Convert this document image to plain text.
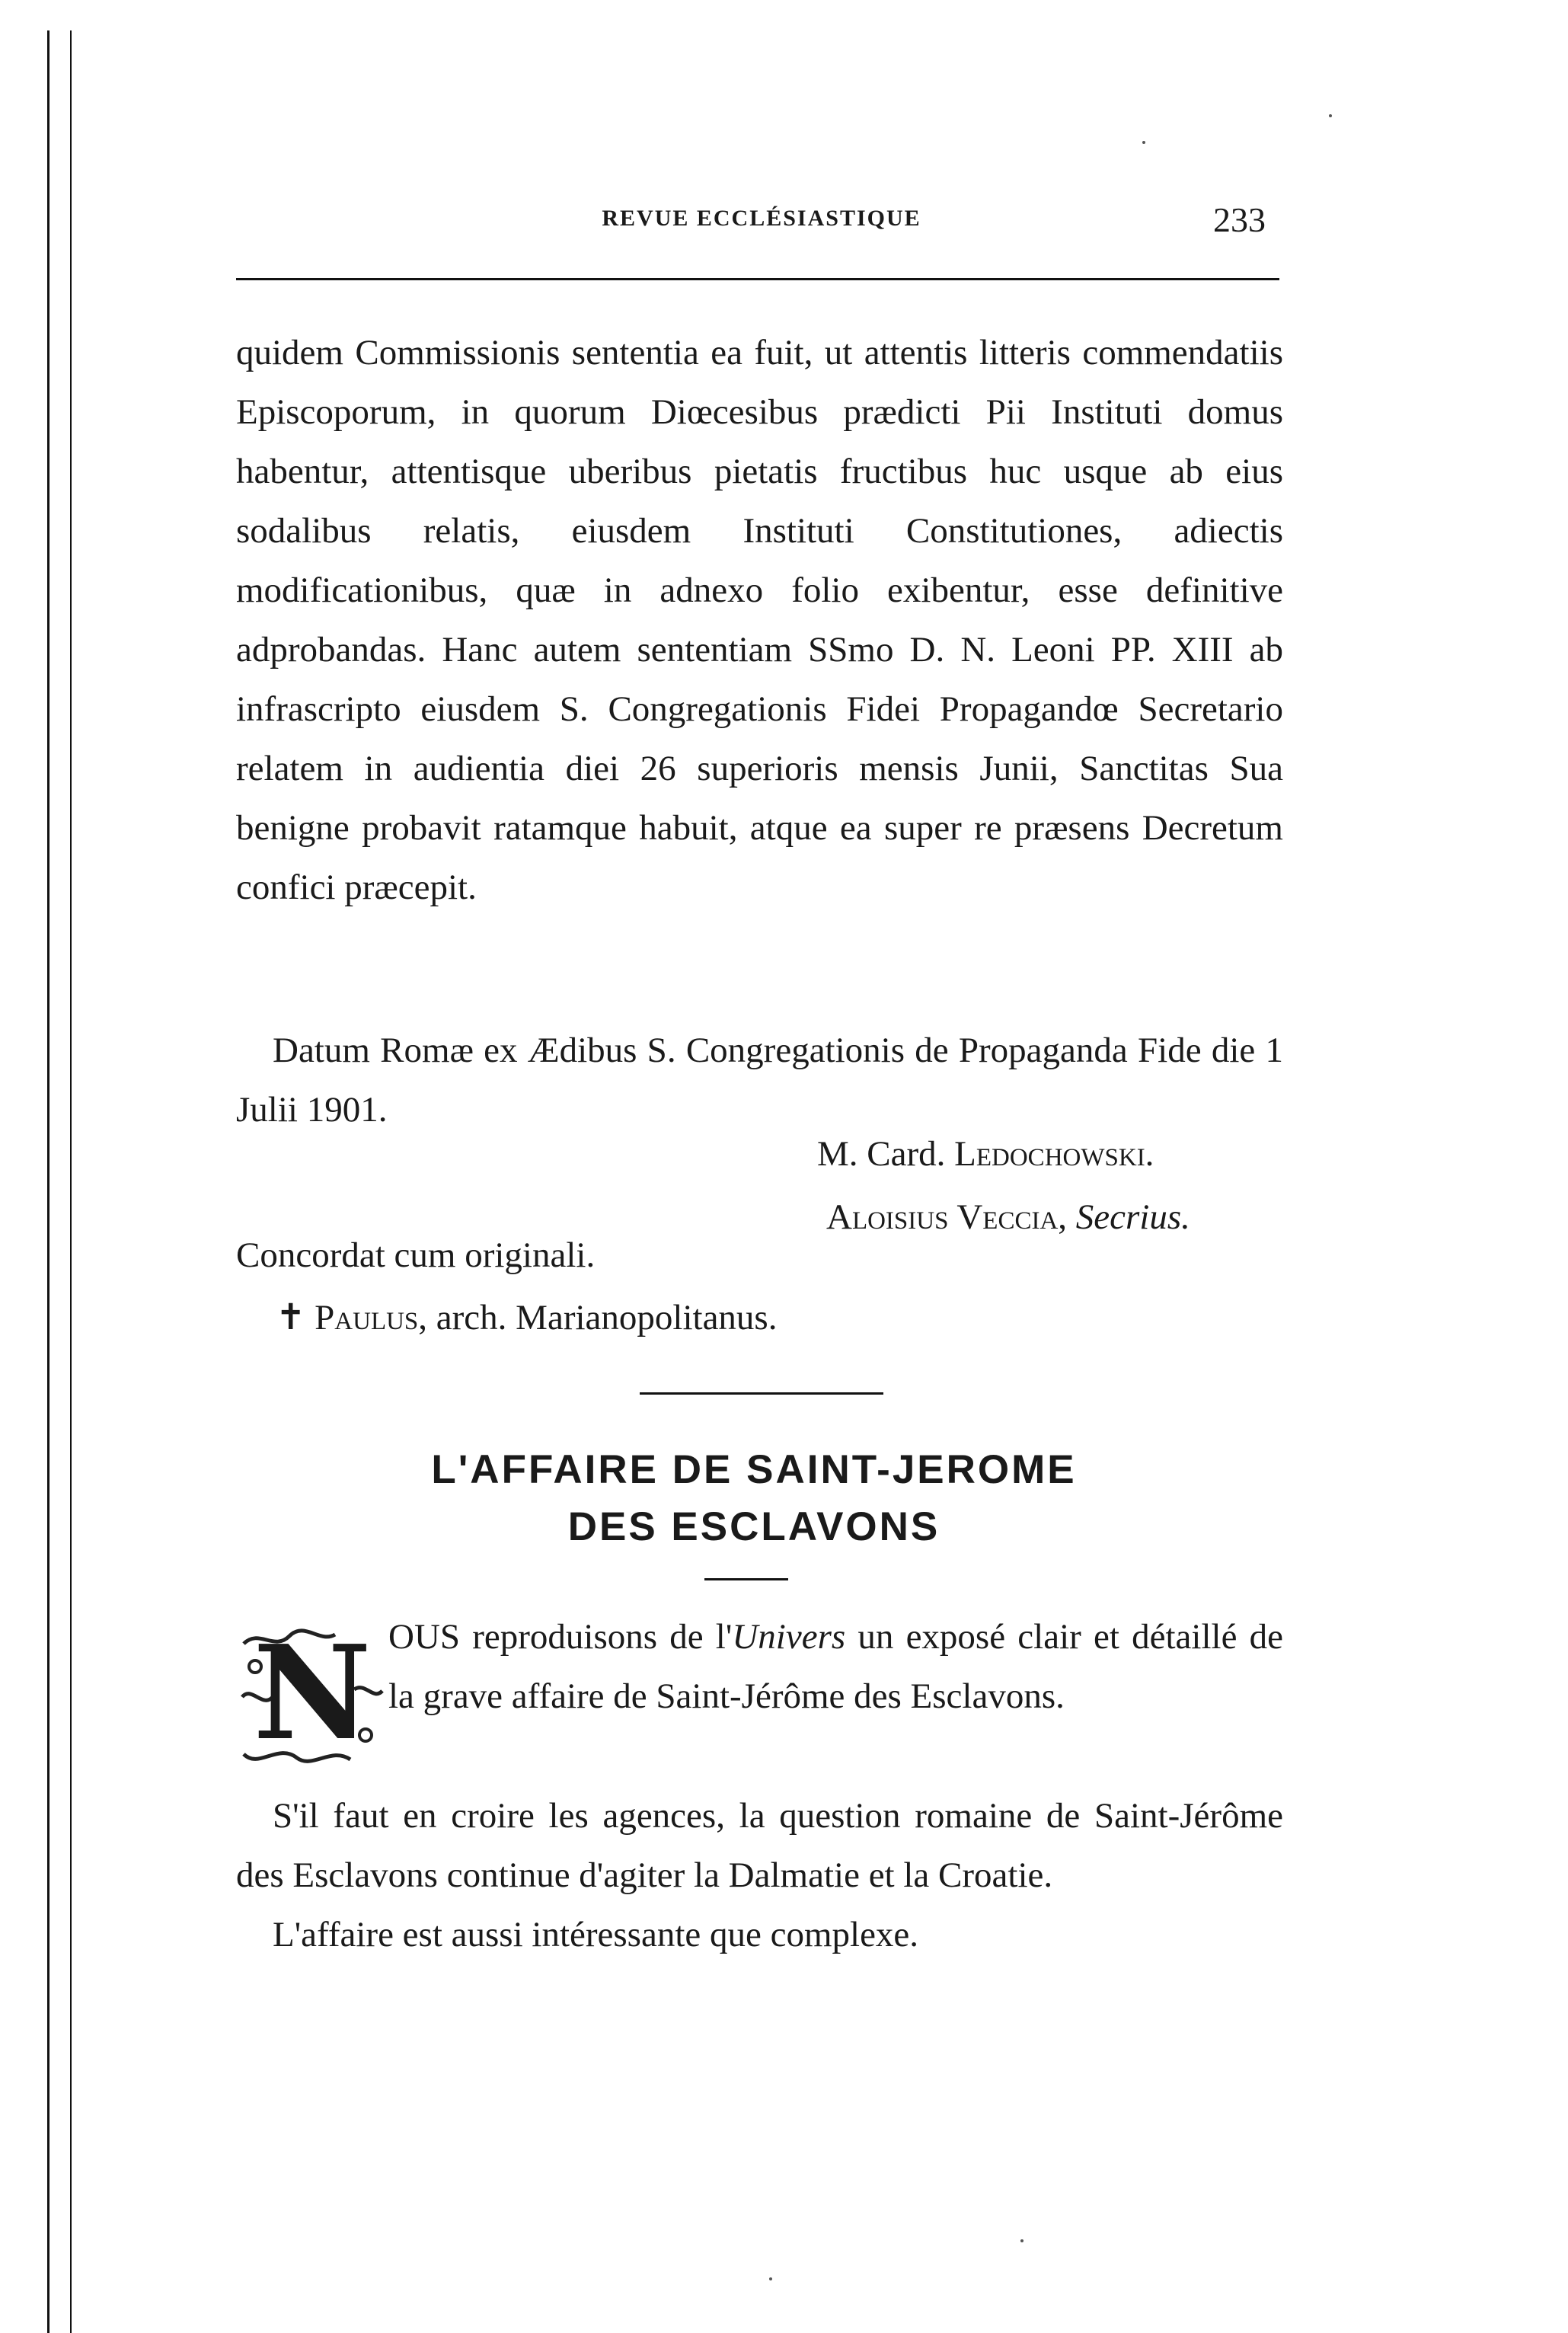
REVUE ECCLÉSIASTIQUE	233

quidem Commissionis sententia ea fuit, ut attentis litteris commendatiis Episcoporum, in quorum Diœcesibus prædicti Pii Instituti domus habentur, attentisque uberibus pietatis fructibus huc usque ab eius sodalibus relatis, eiusdem Instituti Constitutiones, adiectis modificationibus, quæ in adnexo folio exibentur, esse definitive adprobandas. Hanc autem sententiam SSmo D. N. Leoni PP. XIII ab infrascripto eiusdem S. Congregationis Fidei Propagandœ Secretario relatem in audientia diei 26 superioris mensis Junii, Sanctitas Sua benigne probavit ratamque habuit, atque ea super re præsens Decretum confici præcepit.

Datum Romæ ex Ædibus S. Congregationis de Propaganda Fide die 1 Julii 1901.

M. Card. Ledochowski.
Aloisius Veccia, Secrius.
Concordat cum originali.
✝ Paulus, arch. Marianopolitanus.
L'AFFAIRE DE SAINT-JEROME
DES ESCLAVONS
N OUS reproduisons de l'Univers un exposé clair et détaillé de la grave affaire de Saint-Jérôme des Esclavons.

S'il faut en croire les agences, la question romaine de Saint-Jérôme des Esclavons continue d'agiter la Dalmatie et la Croatie.

L'affaire est aussi intéressante que complexe.
